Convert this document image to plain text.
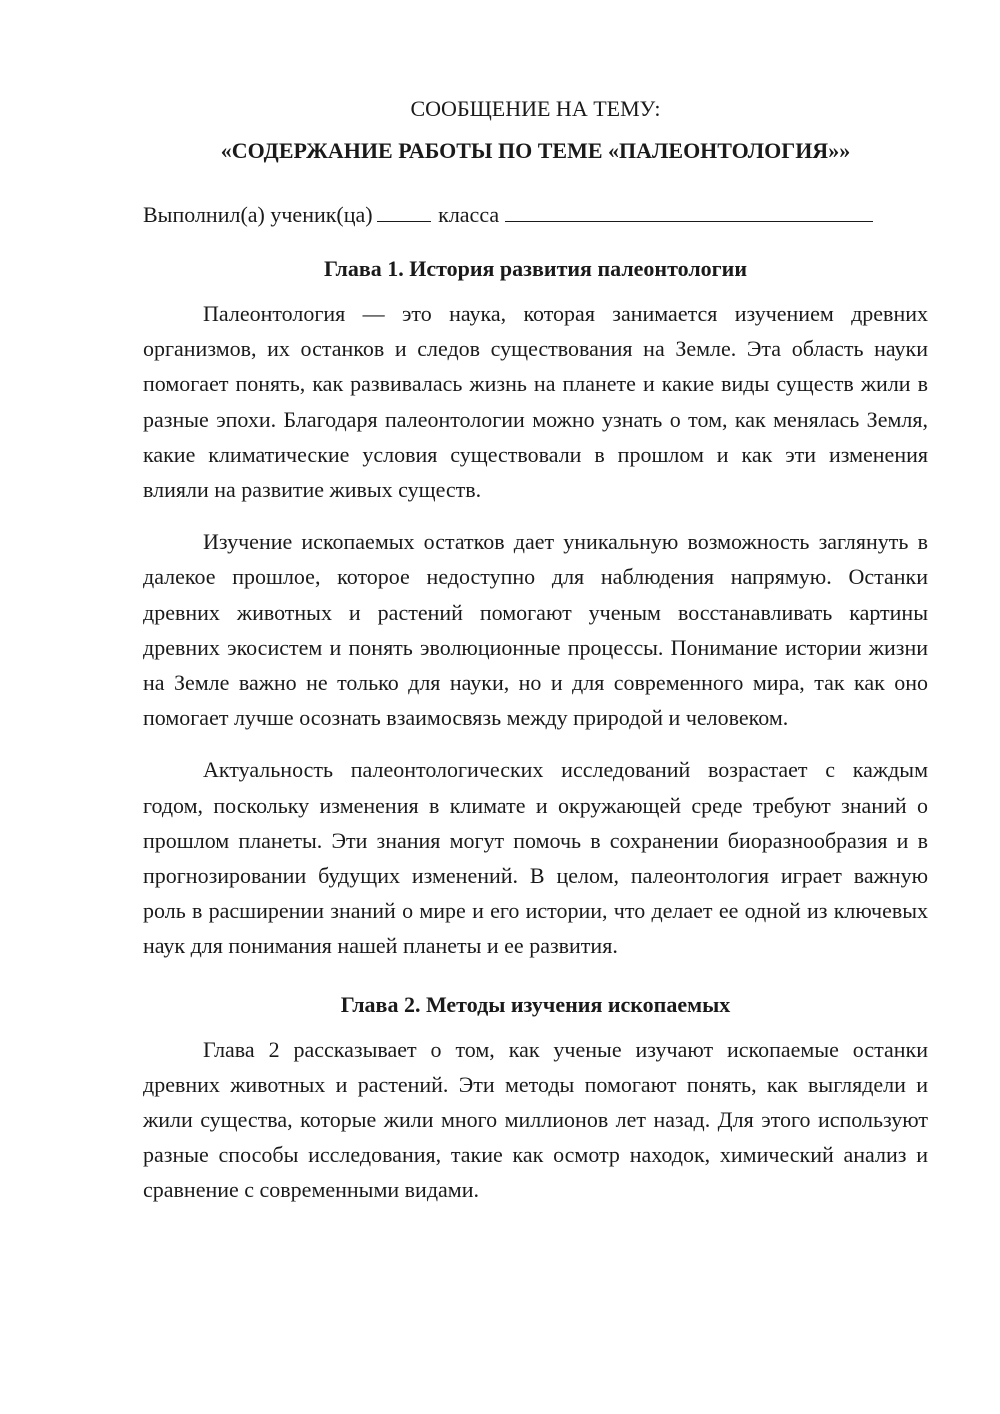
СООБЩЕНИЕ НА ТЕМУ:

«СОДЕРЖАНИЕ РАБОТЫ ПО ТЕМЕ «ПАЛЕОНТОЛОГИЯ»»

Выполнил(а) ученик(ца)	класса

Глава 1. История развития палеонтологии

Палеонтология — это наука, которая занимается изучением древних организмов, их останков и следов существования на Земле. Эта область науки помогает понять, как развивалась жизнь на планете и какие виды существ жили в разные эпохи. Благодаря палеонтологии можно узнать о том, как менялась Земля, какие климатические условия существовали в прошлом и как эти изменения влияли на развитие живых существ.

Изучение ископаемых остатков дает уникальную возможность заглянуть в далекое прошлое, которое недоступно для наблюдения напрямую. Останки древних животных и растений помогают ученым восстанавливать картины древних экосистем и понять эволюционные процессы. Понимание истории жизни на Земле важно не только для науки, но и для современного мира, так как оно помогает лучше осознать взаимосвязь между природой и человеком.

Актуальность палеонтологических исследований возрастает с каждым годом, поскольку изменения в климате и окружающей среде требуют знаний о прошлом планеты. Эти знания могут помочь в сохранении биоразнообразия и в прогнозировании будущих изменений. В целом, палеонтология играет важную роль в расширении знаний о мире и его истории, что делает ее одной из ключевых наук для понимания нашей планеты и ее развития.

Глава 2. Методы изучения ископаемых

Глава 2 рассказывает о том, как ученые изучают ископаемые останки древних животных и растений. Эти методы помогают понять, как выглядели и жили существа, которые жили много миллионов лет назад. Для этого используют разные способы исследования, такие как осмотр находок, химический анализ и сравнение с современными видами.
